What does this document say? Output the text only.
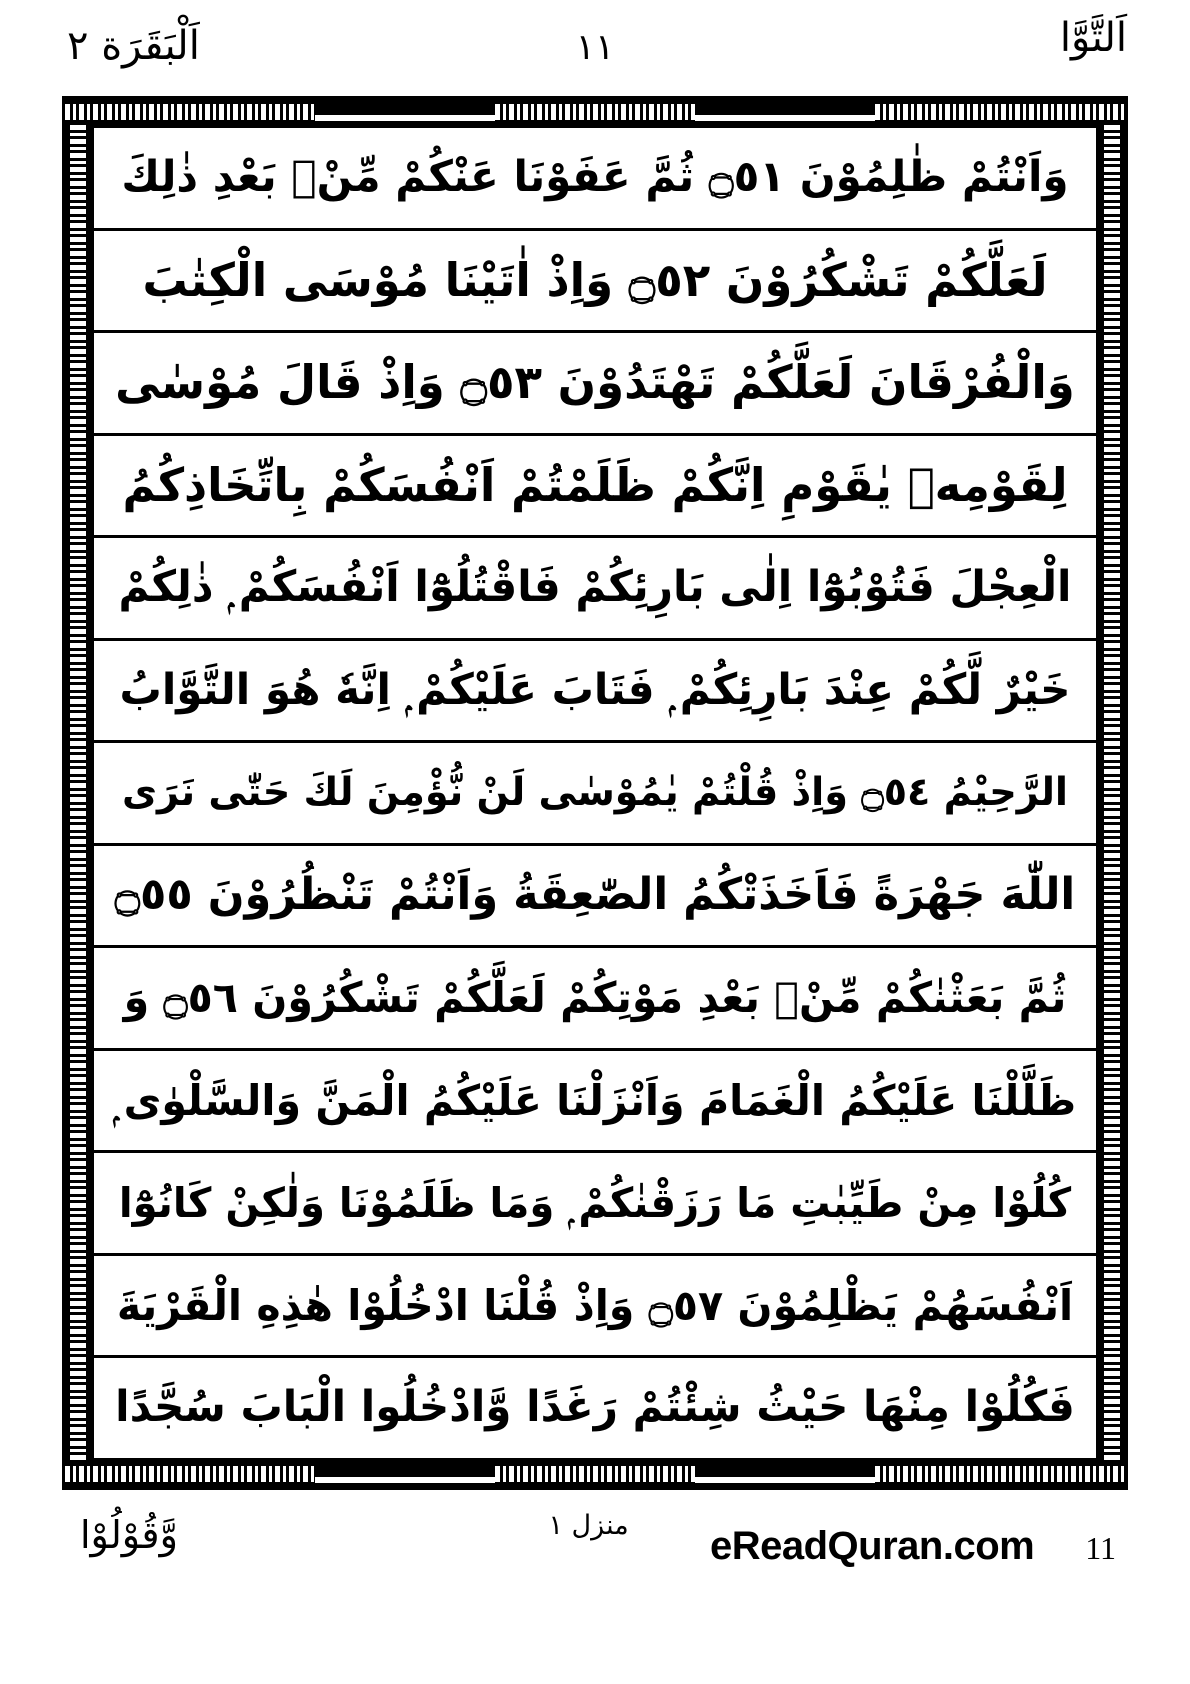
اَلْبَقَرَة ٢	١١	اَلتَّوَّا
وَاَنْتُمْ ظٰلِمُوْنَ ۝٥١ ثُمَّ عَفَوْنَا عَنْكُمْ مِّنْۢ بَعْدِ ذٰلِكَ
لَعَلَّكُمْ تَشْكُرُوْنَ ۝٥٢ وَاِذْ اٰتَيْنَا مُوْسَى الْكِتٰبَ
وَالْفُرْقَانَ لَعَلَّكُمْ تَهْتَدُوْنَ ۝٥٣ وَاِذْ قَالَ مُوْسٰى
لِقَوْمِهٖ يٰقَوْمِ اِنَّكُمْ ظَلَمْتُمْ اَنْفُسَكُمْ بِاتِّخَاذِكُمُ
الْعِجْلَ فَتُوْبُوْٓا اِلٰى بَارِئِكُمْ فَاقْتُلُوْٓا اَنْفُسَكُمْ ۭ ذٰلِكُمْ
خَيْرٌ لَّكُمْ عِنْدَ بَارِئِكُمْ ۭ فَتَابَ عَلَيْكُمْ ۭ اِنَّهٗ هُوَ التَّوَّابُ
الرَّحِيْمُ ۝٥٤ وَاِذْ قُلْتُمْ يٰمُوْسٰى لَنْ نُّؤْمِنَ لَكَ حَتّٰى نَرَى
اللّٰهَ جَهْرَةً فَاَخَذَتْكُمُ الصّٰعِقَةُ وَاَنْتُمْ تَنْظُرُوْنَ ۝٥٥
ثُمَّ بَعَثْنٰكُمْ مِّنْۢ بَعْدِ مَوْتِكُمْ لَعَلَّكُمْ تَشْكُرُوْنَ ۝٥٦ وَ
ظَلَّلْنَا عَلَيْكُمُ الْغَمَامَ وَاَنْزَلْنَا عَلَيْكُمُ الْمَنَّ وَالسَّلْوٰى ۭ
كُلُوْا مِنْ طَيِّبٰتِ مَا رَزَقْنٰكُمْ ۭ وَمَا ظَلَمُوْنَا وَلٰكِنْ كَانُوْٓا
اَنْفُسَهُمْ يَظْلِمُوْنَ ۝٥٧ وَاِذْ قُلْنَا ادْخُلُوْا هٰذِهِ الْقَرْيَةَ
فَكُلُوْا مِنْهَا حَيْثُ شِئْتُمْ رَغَدًا وَّادْخُلُوا الْبَابَ سُجَّدًا
وَّقُوْلُوْا	منزل ١ eReadQuran.com 11
